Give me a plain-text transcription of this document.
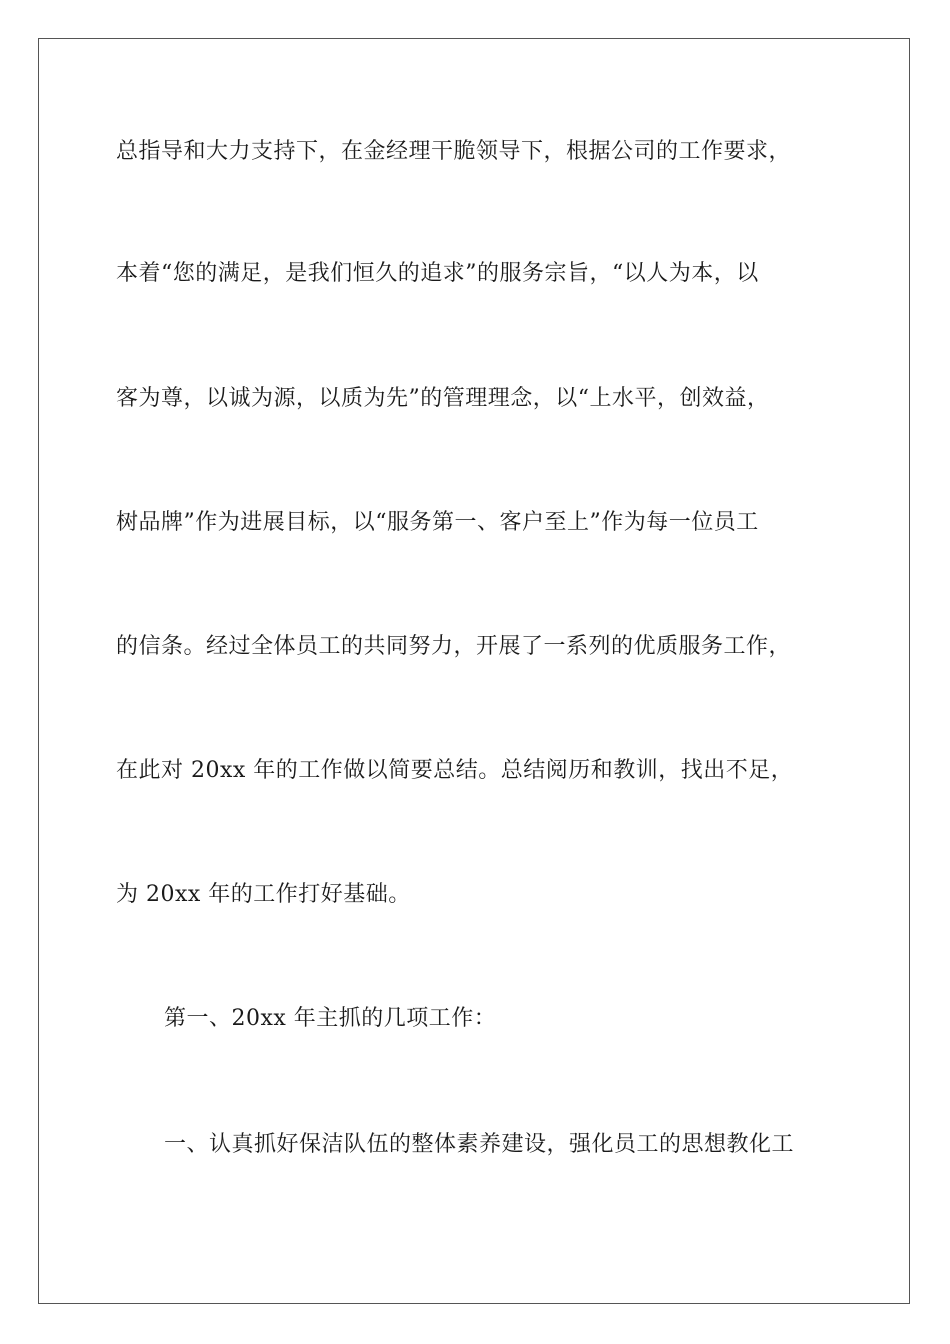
总指导和大力支持下，在金经理干脆领导下，根据公司的工作要求，
本着“您的满足，是我们恒久的追求”的服务宗旨，“以人为本，以
客为尊，以诚为源，以质为先”的管理理念，以“上水平，创效益，
树品牌”作为进展目标，以“服务第一、客户至上”作为每一位员工
的信条。经过全体员工的共同努力，开展了一系列的优质服务工作，
在此对 20xx 年的工作做以简要总结。总结阅历和教训，找出不足，
为 20xx 年的工作打好基础。
第一、20xx 年主抓的几项工作：
一、认真抓好保洁队伍的整体素养建设，强化员工的思想教化工
